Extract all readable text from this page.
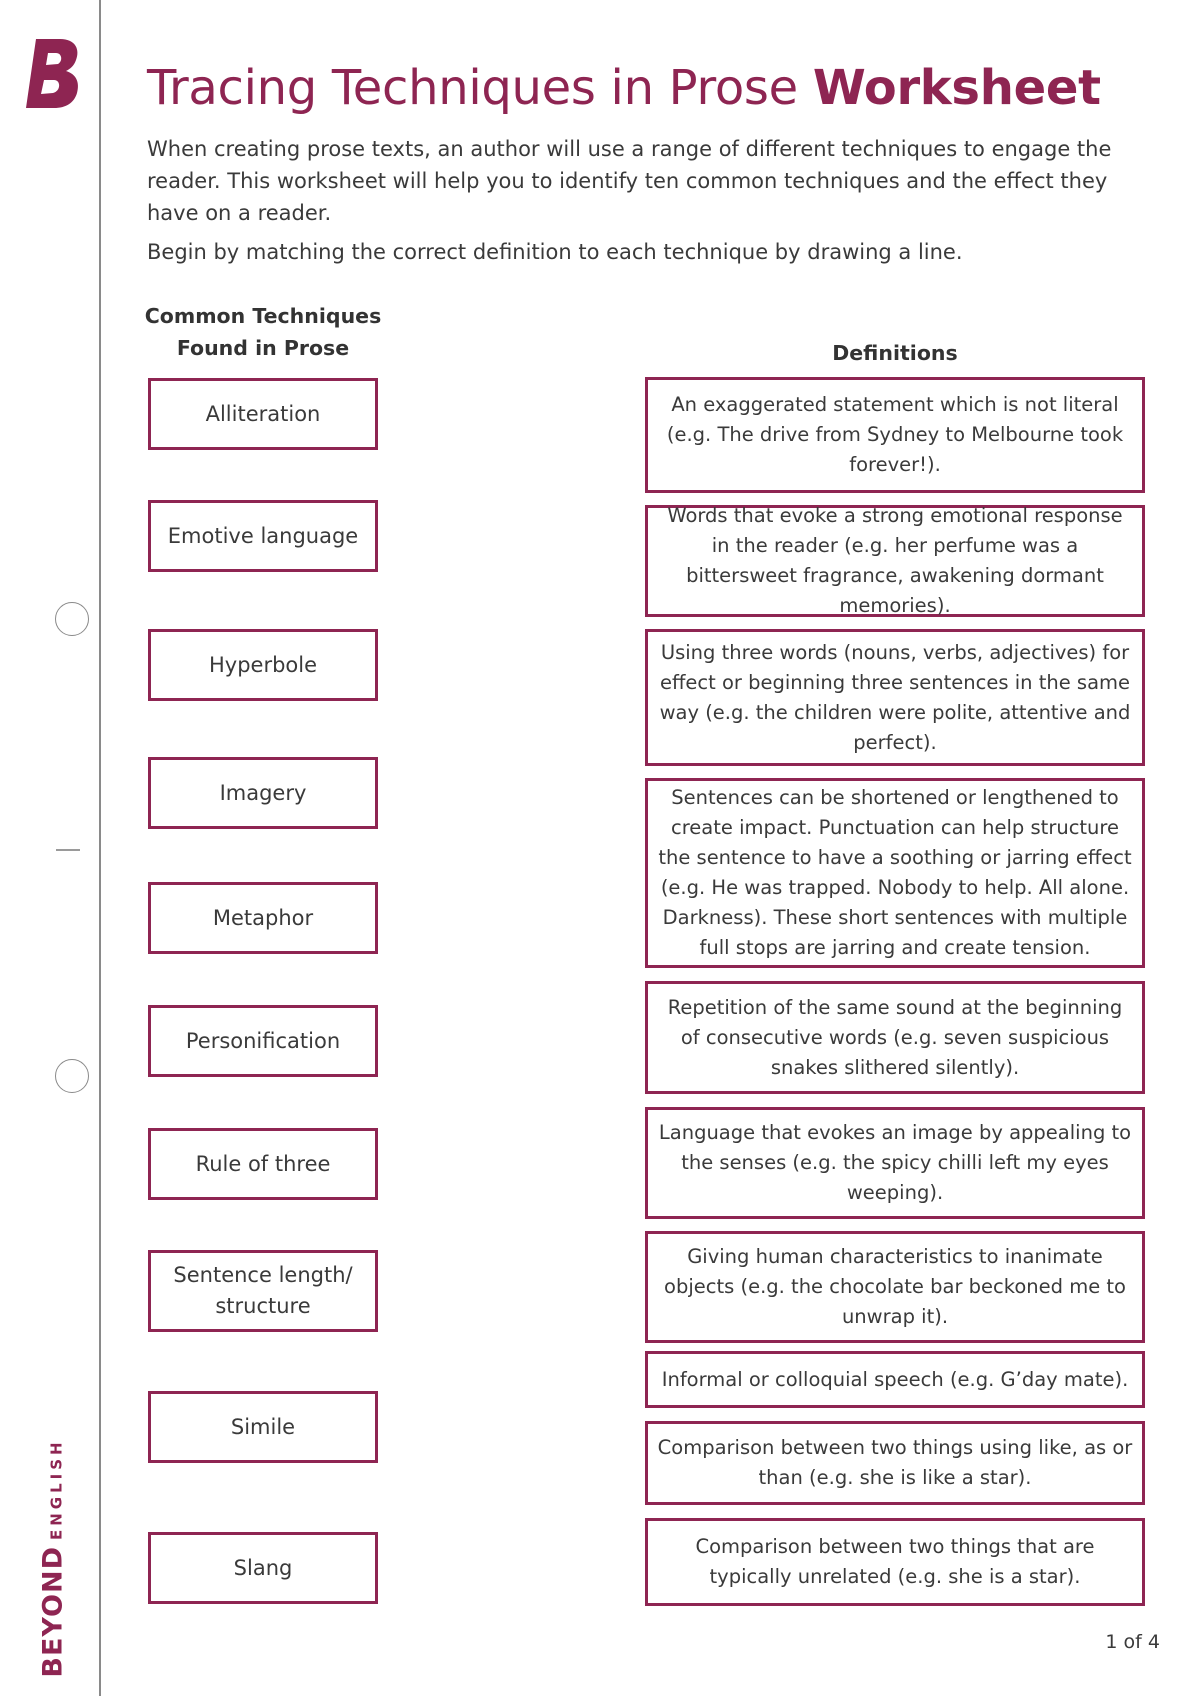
BEYONDENGLISH
Tracing Techniques in Prose Worksheet

When creating prose texts, an author will use a range of different techniques to engage the reader. This worksheet will help you to identify ten common techniques and the effect they have on a reader.

Begin by matching the correct definition to each technique by drawing a line.

Common Techniques Found in Prose	Definitions
Alliteration
Emotive language
Hyperbole
Imagery
Metaphor
Personification
Rule of three
Sentence length/ structure
Simile
Slang
An exaggerated statement which is not literal (e.g. The drive from Sydney to Melbourne took forever!).
Words that evoke a strong emotional response in the reader (e.g. her perfume was a bittersweet fragrance, awakening dormant memories).
Using three words (nouns, verbs, adjectives) for effect or beginning three sentences in the same way (e.g. the children were polite, attentive and perfect).
Sentences can be shortened or lengthened to create impact. Punctuation can help structure the sentence to have a soothing or jarring effect (e.g. He was trapped. Nobody to help. All alone. Darkness). These short sentences with multiple full stops are jarring and create tension.
Repetition of the same sound at the beginning of consecutive words (e.g. seven suspicious snakes slithered silently).
Language that evokes an image by appealing to the senses (e.g. the spicy chilli left my eyes weeping).
Giving human characteristics to inanimate objects (e.g. the chocolate bar beckoned me to unwrap it).
Informal or colloquial speech (e.g. G’day mate).
Comparison between two things using like, as or than (e.g. she is like a star).
Comparison between two things that are typically unrelated (e.g. she is a star).
1 of 4
